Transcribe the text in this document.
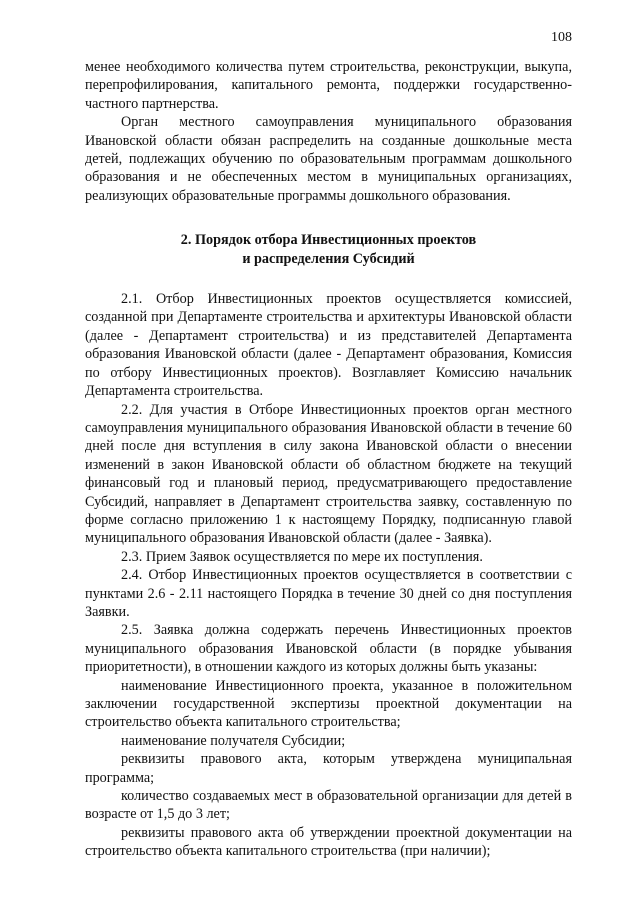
108

менее необходимого количества путем строительства, реконструкции, выкупа, перепрофилирования, капитального ремонта, поддержки государственно-частного партнерства.

Орган местного самоуправления муниципального образования Ивановской области обязан распределить на созданные дошкольные места детей, подлежащих обучению по образовательным программам дошкольного образования и не обеспеченных местом в муниципальных организациях, реализующих образовательные программы дошкольного образования.

2. Порядок отбора Инвестиционных проектов
и распределения Субсидий

2.1. Отбор Инвестиционных проектов осуществляется комиссией, созданной при Департаменте строительства и архитектуры Ивановской области (далее - Департамент строительства) и из представителей Департамента образования Ивановской области (далее - Департамент образования, Комиссия по отбору Инвестиционных проектов). Возглавляет Комиссию начальник Департамента строительства.

2.2. Для участия в Отборе Инвестиционных проектов орган местного самоуправления муниципального образования Ивановской области в течение 60 дней после дня вступления в силу закона Ивановской области о внесении изменений в закон Ивановской области об областном бюджете на текущий финансовый год и плановый период, предусматривающего предоставление Субсидий, направляет в Департамент строительства заявку, составленную по форме согласно приложению 1 к настоящему Порядку, подписанную главой муниципального образования Ивановской области (далее - Заявка).

2.3. Прием Заявок осуществляется по мере их поступления.

2.4. Отбор Инвестиционных проектов осуществляется в соответствии с пунктами 2.6 - 2.11 настоящего Порядка в течение 30 дней со дня поступления Заявки.

2.5. Заявка должна содержать перечень Инвестиционных проектов муниципального образования Ивановской области (в порядке убывания приоритетности), в отношении каждого из которых должны быть указаны:

наименование Инвестиционного проекта, указанное в положительном заключении государственной экспертизы проектной документации на строительство объекта капитального строительства;

наименование получателя Субсидии;

реквизиты правового акта, которым утверждена муниципальная программа;

количество создаваемых мест в образовательной организации для детей в возрасте от 1,5 до 3 лет;

реквизиты правового акта об утверждении проектной документации на строительство объекта капитального строительства (при наличии);
